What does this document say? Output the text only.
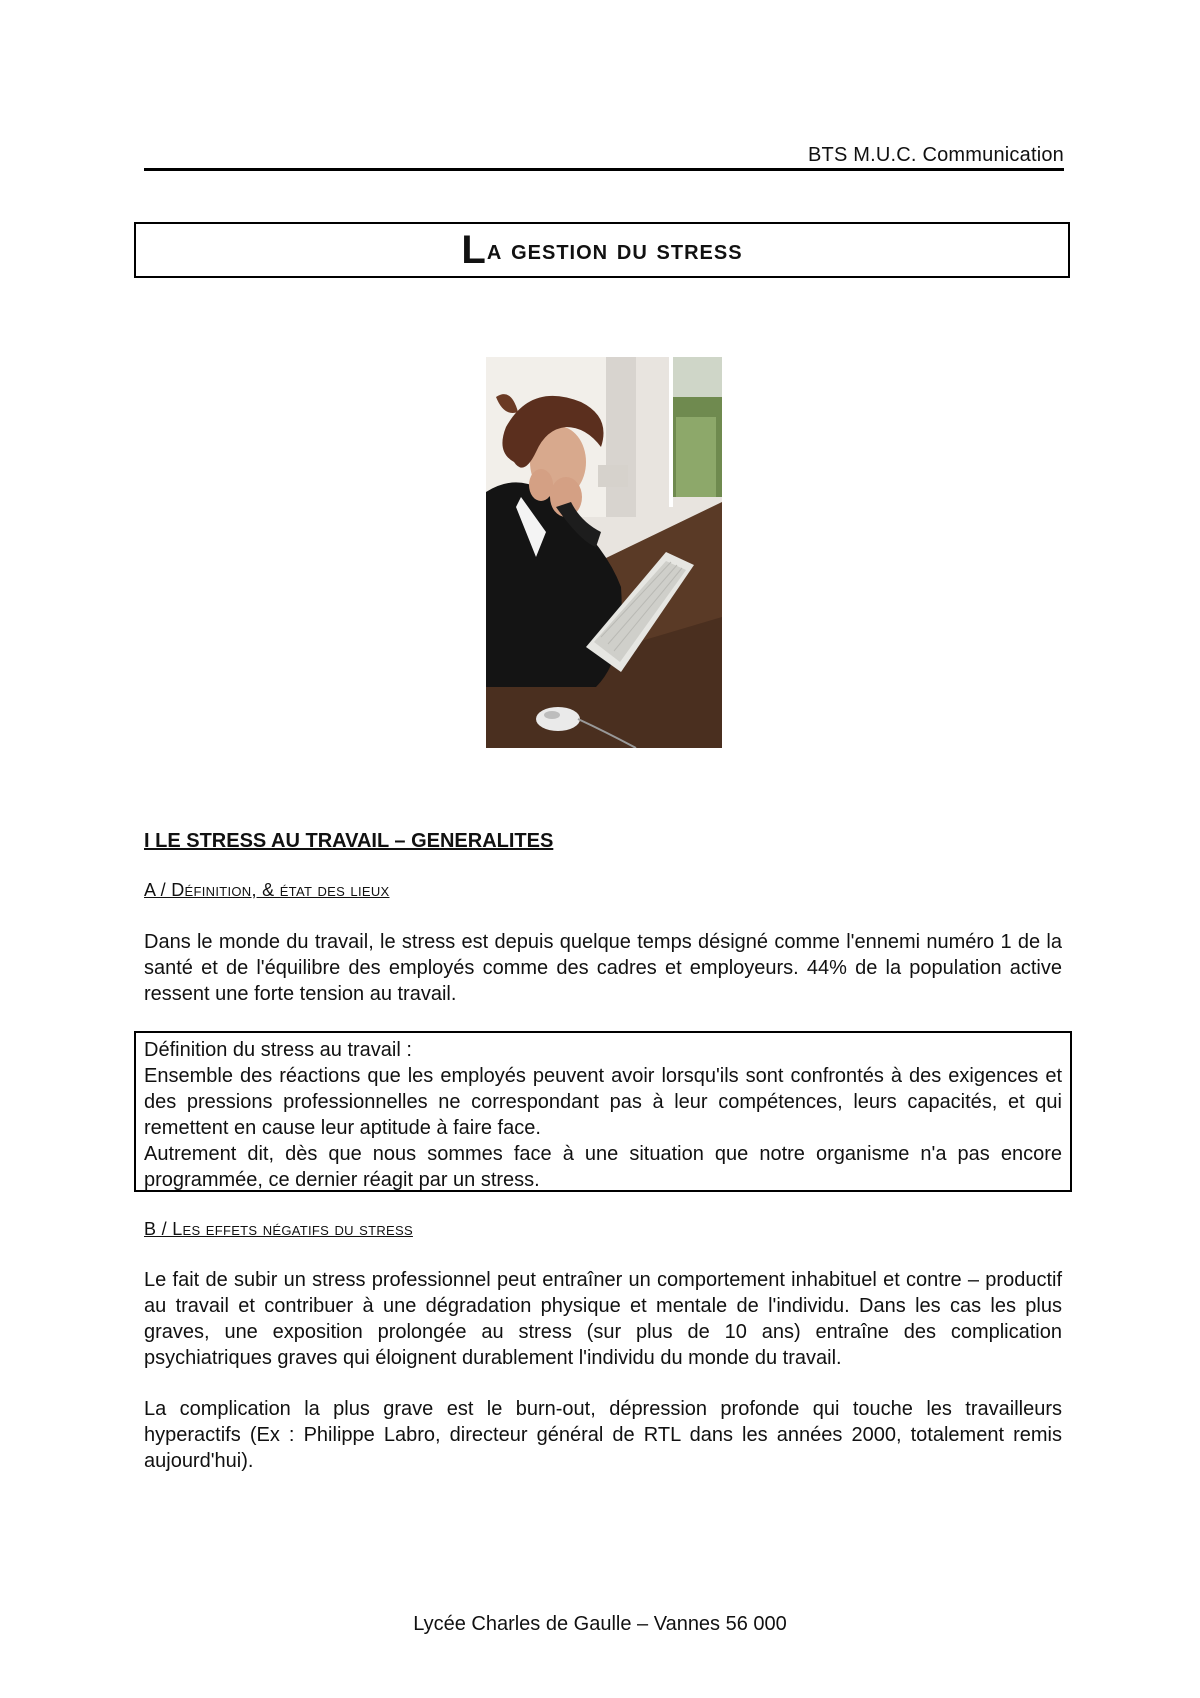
BTS M.U.C. Communication
L a gestion du stress
I LE STRESS AU TRAVAIL – GENERALITES
A / Définition, & état des lieux
Dans le monde du travail, le stress est depuis quelque temps désigné comme l'ennemi numéro 1 de la santé et de l'équilibre des employés comme des cadres et employeurs. 44% de la population active ressent une forte tension au travail.

Définition du stress au travail :

Ensemble des réactions que les employés peuvent avoir lorsqu'ils sont confrontés à des exigences et des pressions professionnelles ne correspondant pas à leur compétences, leurs capacités, et qui remettent en cause leur aptitude à faire face.

Autrement dit, dès que nous sommes face à une situation que notre organisme n'a pas encore programmée, ce dernier réagit par un stress.

B / Les effets négatifs du stress
Le fait de subir un stress professionnel peut entraîner un comportement inhabituel et contre – productif au travail et contribuer à une dégradation physique et mentale de l'individu. Dans les cas les plus graves, une exposition prolongée au stress (sur plus de 10 ans) entraîne des complication psychiatriques graves qui éloignent durablement l'individu du monde du travail.
La complication la plus grave est le burn-out, dépression profonde qui touche les travailleurs hyperactifs (Ex : Philippe Labro, directeur général de RTL dans les années 2000, totalement remis aujourd'hui).
Lycée Charles de Gaulle – Vannes 56 000
